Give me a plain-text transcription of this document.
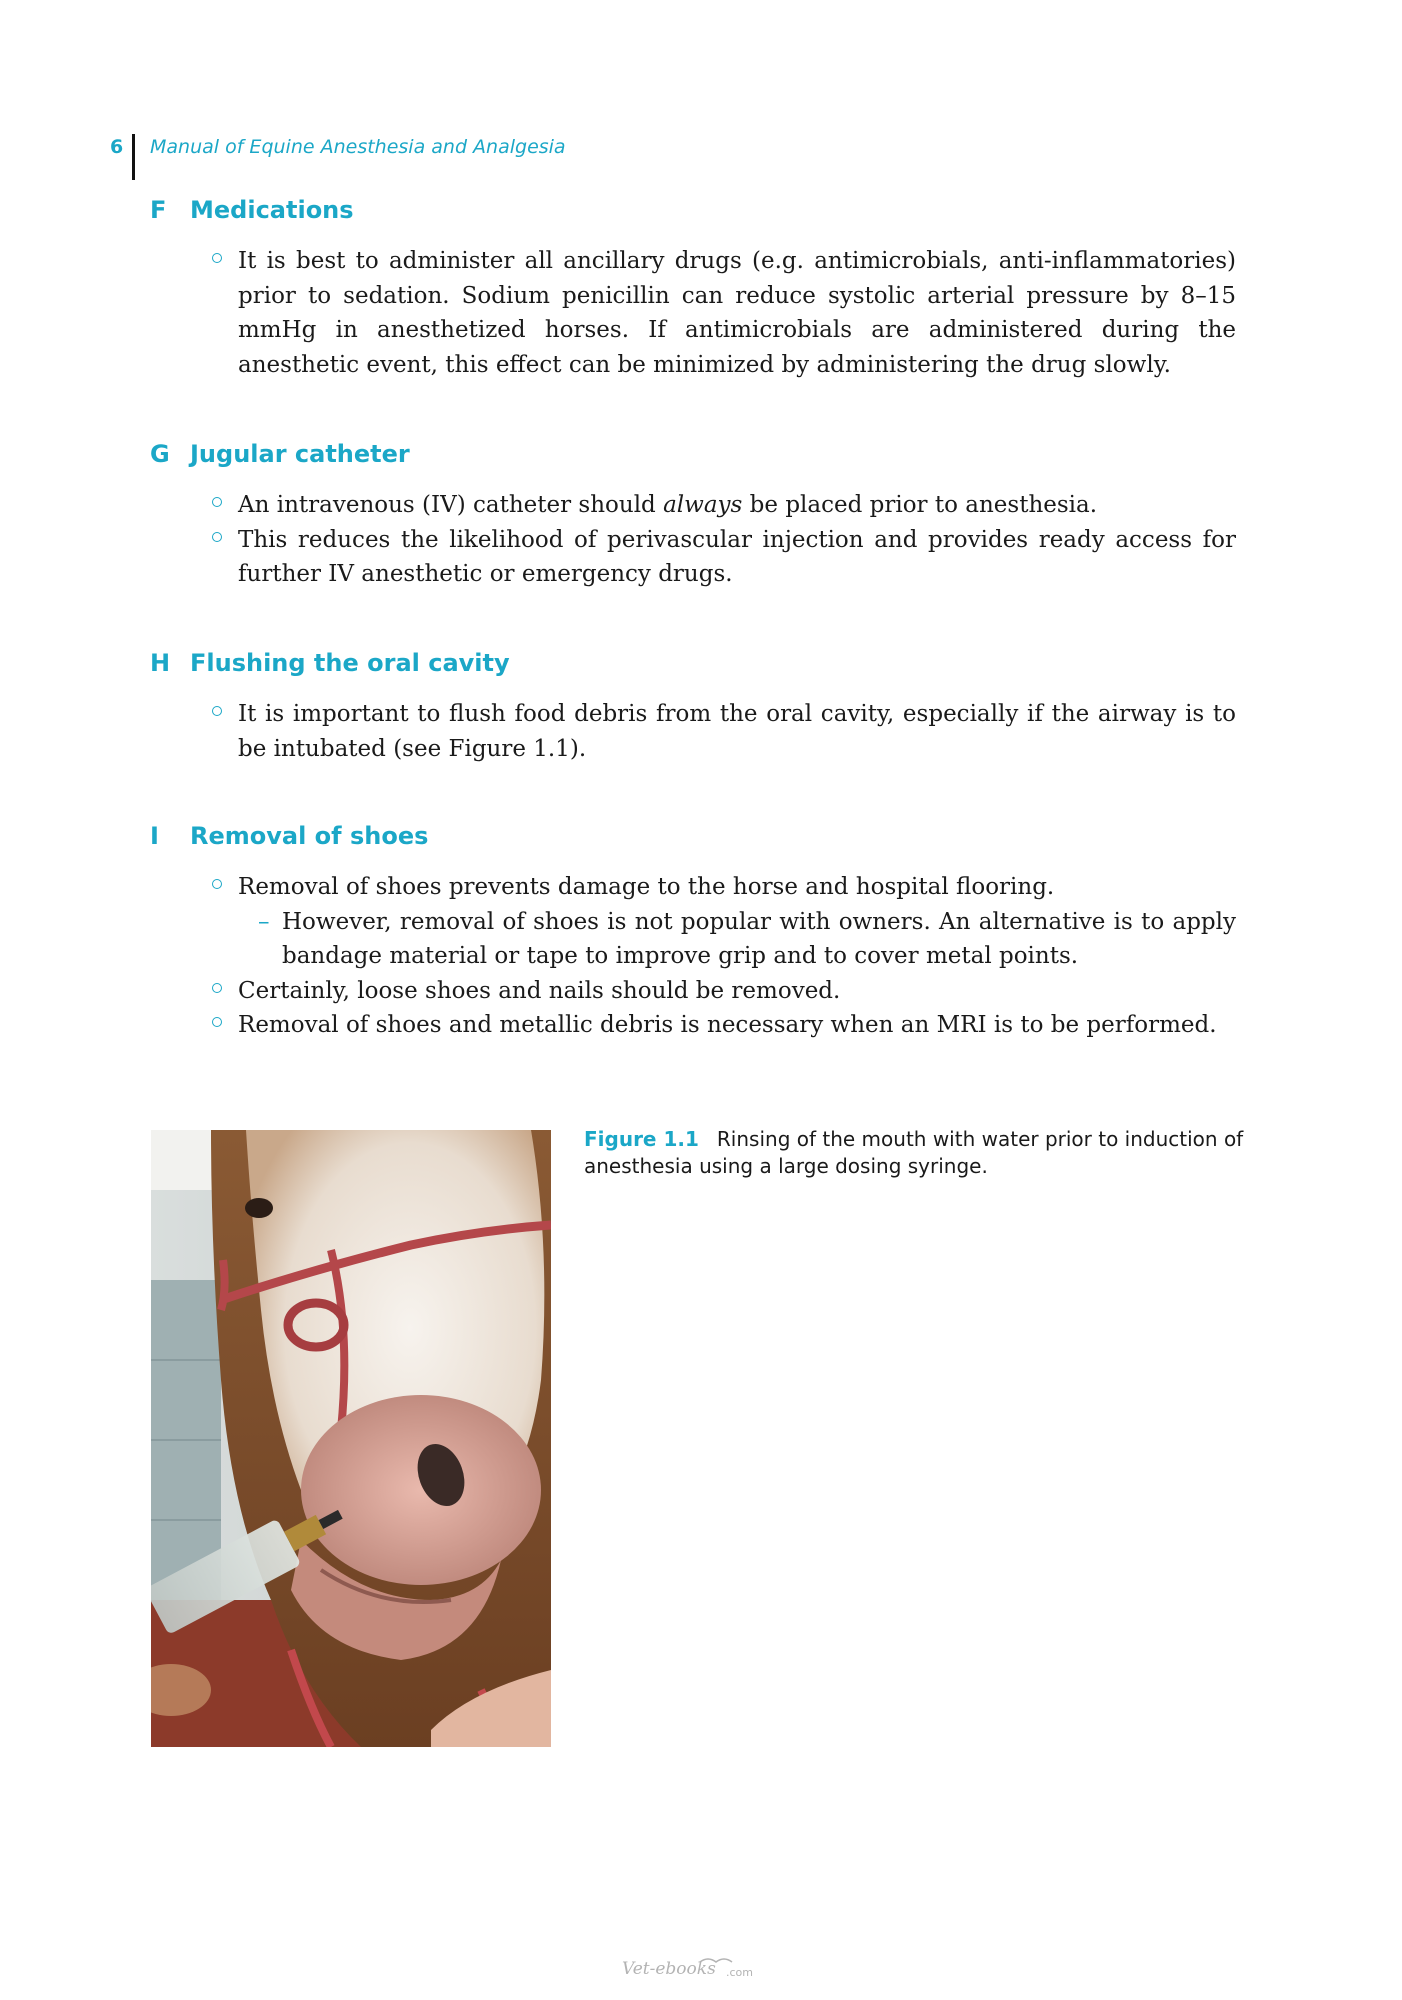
6 Manual of Equine Anesthesia and Analgesia
F Medications
It is best to administer all ancillary drugs (e.g. antimicrobials, anti-inflammatories) prior to sedation. Sodium penicillin can reduce systolic arterial pressure by 8–15 mmHg in anesthetized horses. If antimicrobials are administered during the anesthetic event, this effect can be minimized by administering the drug slowly.
G Jugular catheter
An intravenous (IV) catheter should always be placed prior to anesthesia.
This reduces the likelihood of perivascular injection and provides ready access for further IV anesthetic or emergency drugs.
H Flushing the oral cavity
It is important to flush food debris from the oral cavity, especially if the airway is to be intubated (see Figure 1.1).
I Removal of shoes
Removal of shoes prevents damage to the horse and hospital flooring.
– However, removal of shoes is not popular with owners. An alternative is to apply bandage material or tape to improve grip and to cover metal points.
Certainly, loose shoes and nails should be removed.
Removal of shoes and metallic debris is necessary when an MRI is to be performed.
Figure 1.1 Rinsing of the mouth with water prior to induction of anesthesia using a large dosing syringe.
Vet-ebooks .com
